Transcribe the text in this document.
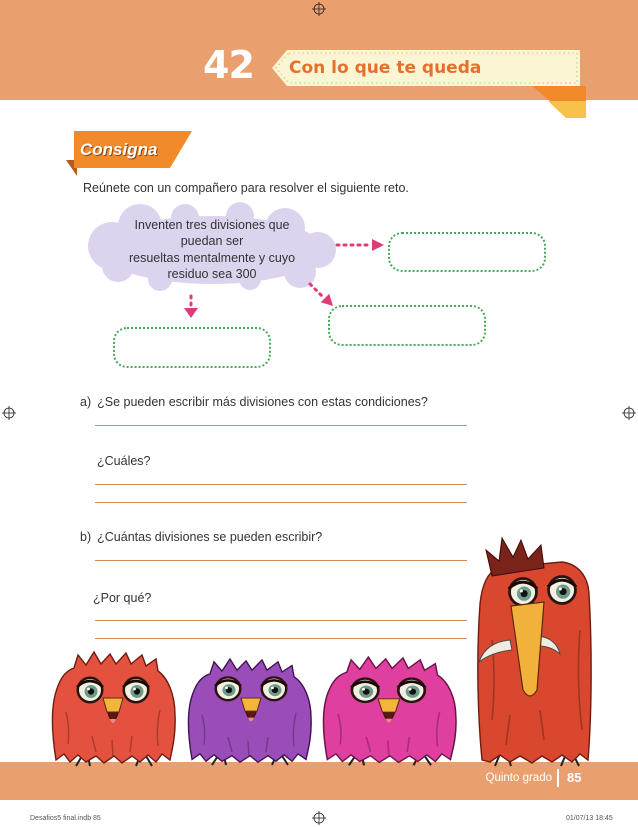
42 Con lo que te queda
Consigna
Reúnete con un compañero para resolver el siguiente reto.
Inventen tres divisiones que
puedan ser
resueltas mentalmente y cuyo
residuo sea 300
a) ¿Se pueden escribir más divisiones con estas condiciones?
¿Cuáles?
b) ¿Cuántas divisiones se pueden escribir?
¿Por qué?
Quinto grado 85
Desafios5 final.indb 85	01/07/13 18:45
